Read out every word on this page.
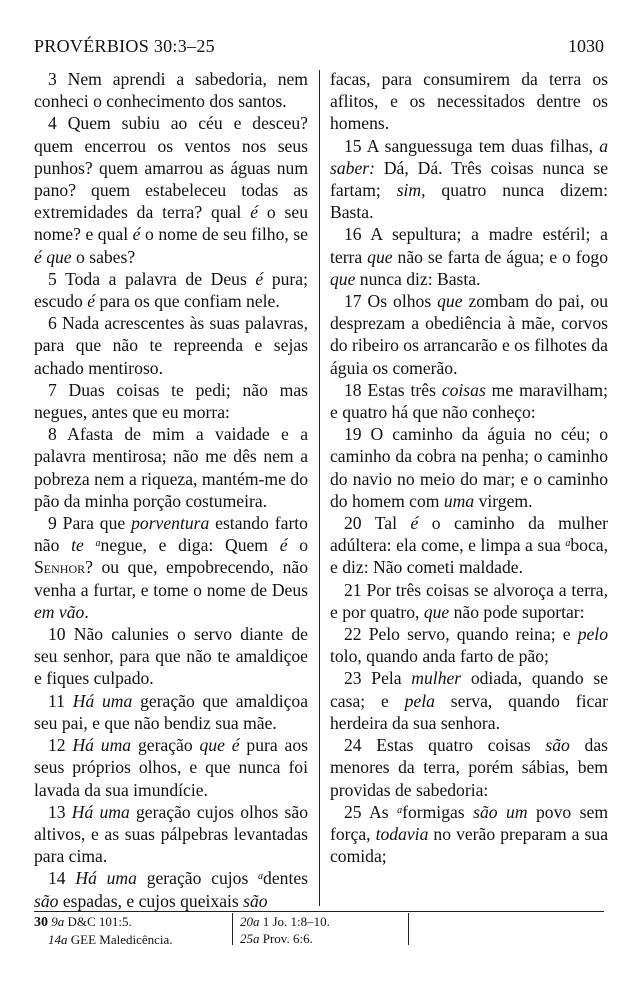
PROVÉRBIOS 30:3–25	1030

3 Nem aprendi a sabedoria, nem conheci o conhecimento dos santos.

4 Quem subiu ao céu e desceu? quem encerrou os ventos nos seus punhos? quem amarrou as águas num pano? quem estabeleceu todas as extremidades da terra? qual é o seu nome? e qual é o nome de seu filho, se é que o sabes?

5 Toda a palavra de Deus é pura; escudo é para os que confiam nele.

6 Nada acrescentes às suas palavras, para que não te repreenda e sejas achado mentiroso.

7 Duas coisas te pedi; não mas negues, antes que eu morra:

8 Afasta de mim a vaidade e a palavra mentirosa; não me dês nem a pobreza nem a riqueza, mantém-me do pão da minha porção costumeira.

9 Para que porventura estando farto não te $^a$negue, e diga: Quem é o Senhor? ou que, empobrecendo, não venha a furtar, e tome o nome de Deus em vão.

10 Não calunies o servo diante de seu senhor, para que não te amaldiçoe e fiques culpado.

11 Há uma geração que amaldiçoa seu pai, e que não bendiz sua mãe.

12 Há uma geração que é pura aos seus próprios olhos, e que nunca foi lavada da sua imundície.

13 Há uma geração cujos olhos são altivos, e as suas pálpebras levantadas para cima.

14 Há uma geração cujos $^a$dentes são espadas, e cujos queixais são

facas, para consumirem da terra os aflitos, e os necessitados dentre os homens.

15 A sanguessuga tem duas filhas, a saber: Dá, Dá. Três coisas nunca se fartam; sim, quatro nunca dizem: Basta.

16 A sepultura; a madre estéril; a terra que não se farta de água; e o fogo que nunca diz: Basta.

17 Os olhos que zombam do pai, ou desprezam a obediência à mãe, corvos do ribeiro os arrancarão e os filhotes da águia os comerão.

18 Estas três coisas me maravilham; e quatro há que não conheço:

19 O caminho da águia no céu; o caminho da cobra na penha; o caminho do navio no meio do mar; e o caminho do homem com uma virgem.

20 Tal é o caminho da mulher adúltera: ela come, e limpa a sua $^a$boca, e diz: Não cometi maldade.

21 Por três coisas se alvoroça a terra, e por quatro, que não pode suportar:

22 Pelo servo, quando reina; e pelo tolo, quando anda farto de pão;

23 Pela mulher odiada, quando se casa; e pela serva, quando ficar herdeira da sua senhora.

24 Estas quatro coisas são das menores da terra, porém sábias, bem providas de sabedoria:

25 As $^a$formigas são um povo sem força, todavia no verão preparam a sua comida;

30 9a D&C 101:5.
14a GEE Maledicência.
20a 1 Jo. 1:8–10.
25a Prov. 6:6.
